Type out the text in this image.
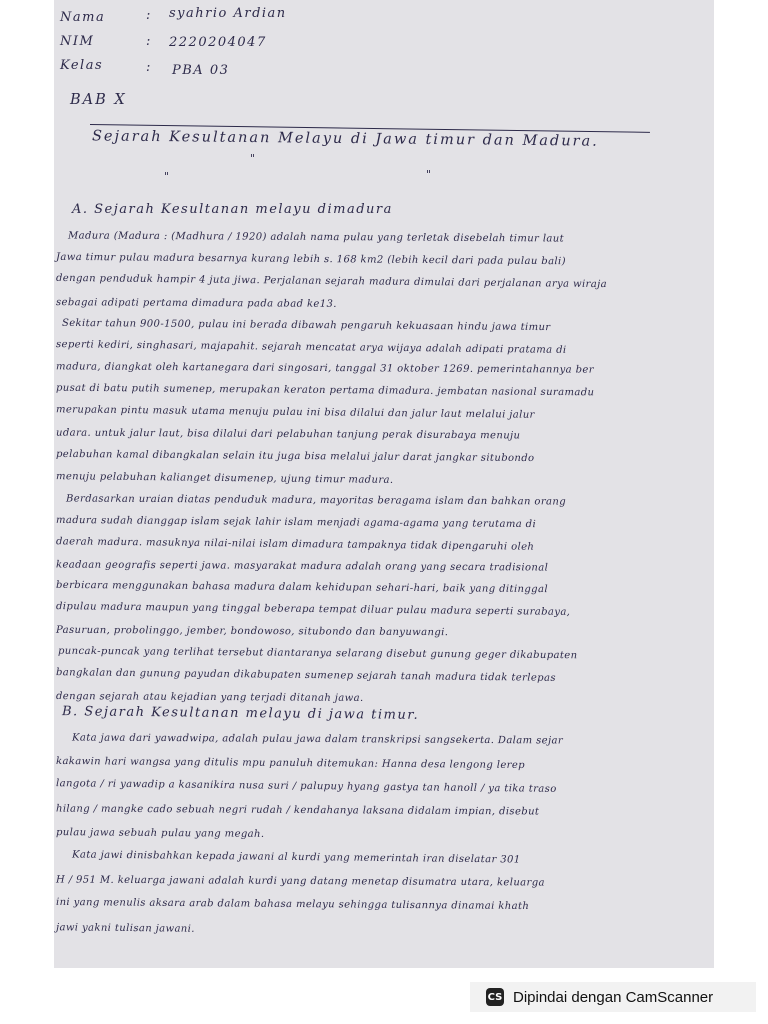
Nama	: syahrio Ardian
NIM	: 2220204047
Kelas	: PBA 03
BAB X
Sejarah Kesultanan Melayu di Jawa timur dan Madura.
"
"	"
A. Sejarah Kesultanan melayu dimadura
Madura (Madura : (Madhura / 1920) adalah nama pulau yang terletak disebelah timur laut
Jawa timur pulau madura besarnya kurang lebih s. 168 km2 (lebih kecil dari pada pulau bali)
dengan penduduk hampir 4 juta jiwa. Perjalanan sejarah madura dimulai dari perjalanan arya wiraja
sebagai adipati pertama dimadura pada abad ke13.
Sekitar tahun 900-1500, pulau ini berada dibawah pengaruh kekuasaan hindu jawa timur
seperti kediri, singhasari, majapahit. sejarah mencatat arya wijaya adalah adipati pratama di
madura, diangkat oleh kartanegara dari singosari, tanggal 31 oktober 1269. pemerintahannya ber
pusat di batu putih sumenep, merupakan keraton pertama dimadura. jembatan nasional suramadu
merupakan pintu masuk utama menuju pulau ini bisa dilalui dan jalur laut melalui jalur
udara. untuk jalur laut, bisa dilalui dari pelabuhan tanjung perak disurabaya menuju
pelabuhan kamal dibangkalan selain itu juga bisa melalui jalur darat jangkar situbondo
menuju pelabuhan kalianget disumenep, ujung timur madura.
Berdasarkan uraian diatas penduduk madura, mayoritas beragama islam dan bahkan orang
madura sudah dianggap islam sejak lahir islam menjadi agama-agama yang terutama di
daerah madura. masuknya nilai-nilai islam dimadura tampaknya tidak dipengaruhi oleh
keadaan geografis seperti jawa. masyarakat madura adalah orang yang secara tradisional
berbicara menggunakan bahasa madura dalam kehidupan sehari-hari, baik yang ditinggal
dipulau madura maupun yang tinggal beberapa tempat diluar pulau madura seperti surabaya,
Pasuruan, probolinggo, jember, bondowoso, situbondo dan banyuwangi.
puncak-puncak yang terlihat tersebut diantaranya selarang disebut gunung geger dikabupaten
bangkalan dan gunung payudan dikabupaten sumenep sejarah tanah madura tidak terlepas
dengan sejarah atau kejadian yang terjadi ditanah jawa.
B. Sejarah Kesultanan melayu di jawa timur.
Kata jawa dari yawadwipa, adalah pulau jawa dalam transkripsi sangsekerta. Dalam sejar
kakawin hari wangsa yang ditulis mpu panuluh ditemukan: Hanna desa lengong lerep
langota / ri yawadip a kasanikira nusa suri / palupuy hyang gastya tan hanoll / ya tika traso
hilang / mangke cado sebuah negri rudah / kendahanya laksana didalam impian, disebut
pulau jawa sebuah pulau yang megah.
Kata jawi dinisbahkan kepada jawani al kurdi yang memerintah iran diselatar 301
H / 951 M. keluarga jawani adalah kurdi yang datang menetap disumatra utara, keluarga
ini yang menulis aksara arab dalam bahasa melayu sehingga tulisannya dinamai khath
jawi yakni tulisan jawani.
CS Dipindai dengan CamScanner
